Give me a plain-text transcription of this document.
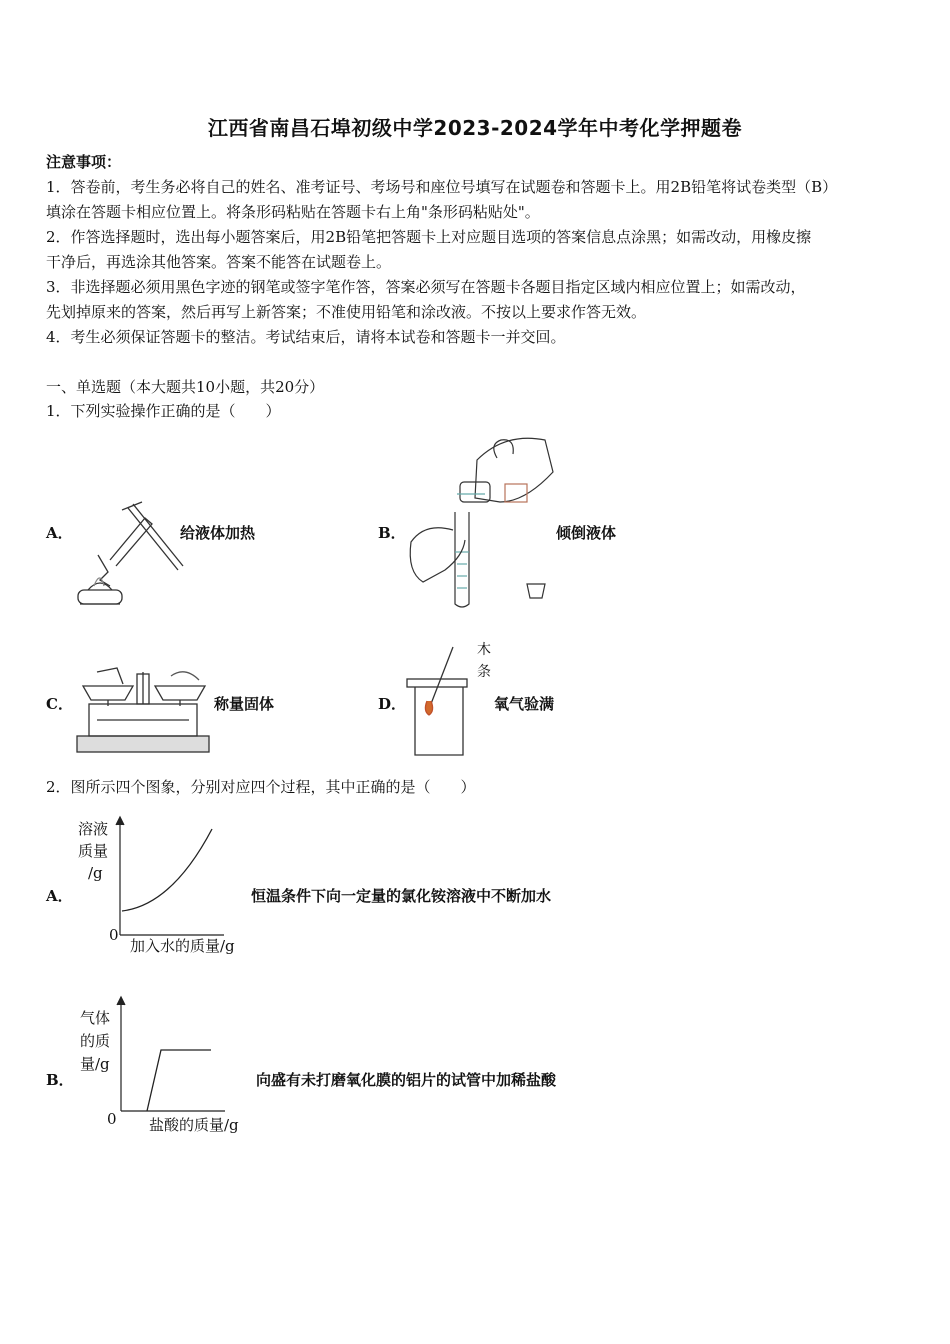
江西省南昌石埠初级中学2023-2024学年中考化学押题卷
注意事项：
1．答卷前，考生务必将自己的姓名、准考证号、考场号和座位号填写在试题卷和答题卡上。用2B铅笔将试卷类型（B）
填涂在答题卡相应位置上。将条形码粘贴在答题卡右上角"条形码粘贴处"。
2．作答选择题时，选出每小题答案后，用2B铅笔把答题卡上对应题目选项的答案信息点涂黑；如需改动，用橡皮擦
干净后，再选涂其他答案。答案不能答在试题卷上。
3．非选择题必须用黑色字迹的钢笔或签字笔作答，答案必须写在答题卡各题目指定区域内相应位置上；如需改动，
先划掉原来的答案，然后再写上新答案；不准使用铅笔和涂改液。不按以上要求作答无效。
4．考生必须保证答题卡的整洁。考试结束后，请将本试卷和答题卡一并交回。
一、单选题（本大题共10小题，共20分）
1．下列实验操作正确的是（　　）
A．	给液体加热	B．	倾倒液体
C．	称量固体	D．
木
条
氧气验满
2．图所示四个图象，分别对应四个过程，其中正确的是（　　）
溶液
质量
/g
A．
0
加入水的质量/g
恒温条件下向一定量的氯化铵溶液中不断加水
气体
的质
量/g
B．
0 盐酸的质量/g
向盛有未打磨氧化膜的铝片的试管中加稀盐酸
